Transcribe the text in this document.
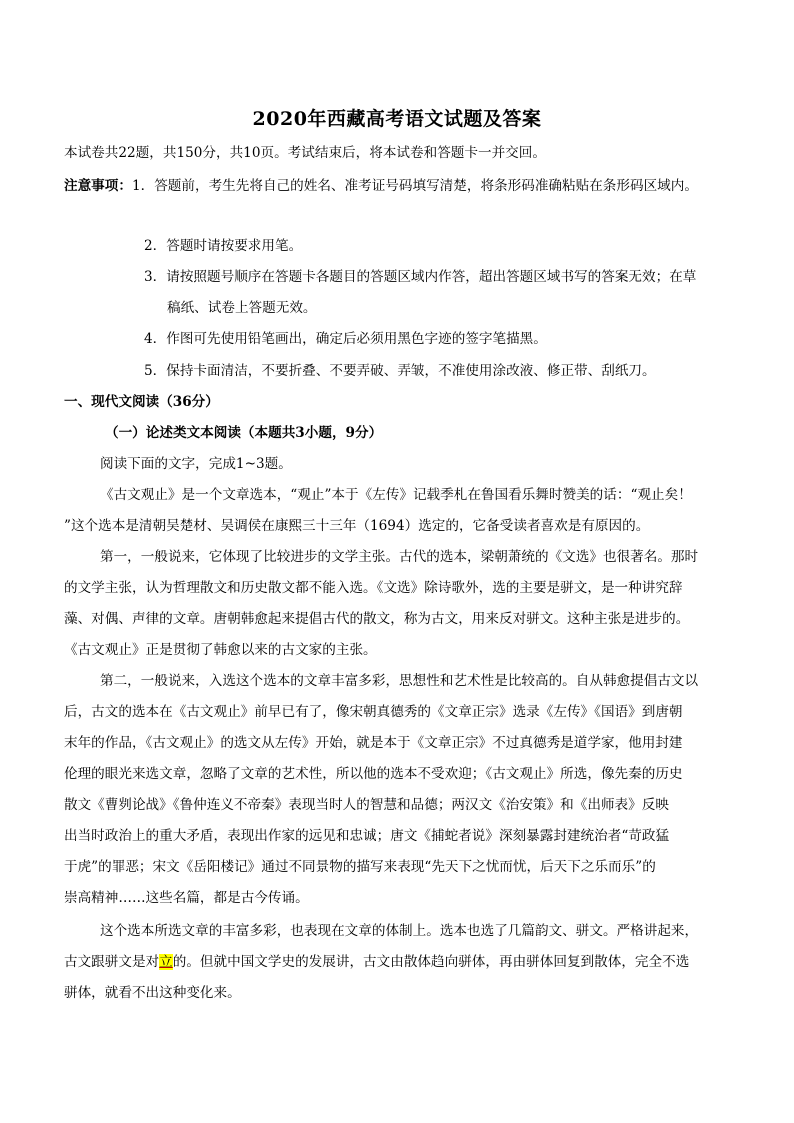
2020年西藏高考语文试题及答案
本试卷共22题，共150分，共10页。考试结束后，将本试卷和答题卡一并交回。
注意事项：1．答题前，考生先将自己的姓名、准考证号码填写清楚，将条形码准确粘贴在条形码区域内。
2．答题时请按要求用笔。
3．请按照题号顺序在答题卡各题目的答题区域内作答，超出答题区域书写的答案无效；在草
稿纸、试卷上答题无效。
4．作图可先使用铅笔画出，确定后必须用黑色字迹的签字笔描黑。
5．保持卡面清洁，不要折叠、不要弄破、弄皱，不准使用涂改液、修正带、刮纸刀。
一、现代文阅读（36分）
（一）论述类文本阅读（本题共3小题，9分）
阅读下面的文字，完成1~3题。
《古文观止》是一个文章选本，“观止”本于《左传》记载季札在鲁国看乐舞时赞美的话：“观止矣！
”这个选本是清朝吴楚材、吴调侯在康熙三十三年（1694）选定的，它备受读者喜欢是有原因的。
第一，一般说来，它体现了比较进步的文学主张。古代的选本，梁朝萧统的《文选》也很著名。那时
的文学主张，认为哲理散文和历史散文都不能入选。《文选》除诗歌外，选的主要是骈文，是一种讲究辞
藻、对偶、声律的文章。唐朝韩愈起来提倡古代的散文，称为古文，用来反对骈文。这种主张是进步的。
《古文观止》正是贯彻了韩愈以来的古文家的主张。
第二，一般说来，入选这个选本的文章丰富多彩，思想性和艺术性是比较高的。自从韩愈提倡古文以
后，古文的选本在《古文观止》前早已有了，像宋朝真德秀的《文章正宗》选录《左传》《国语》到唐朝
末年的作品，《古文观止》的选文从左传》开始，就是本于《文章正宗》不过真德秀是道学家，他用封建
伦理的眼光来选文章，忽略了文章的艺术性，所以他的选本不受欢迎；《古文观止》所选，像先秦的历史
散文《曹刿论战》《鲁仲连义不帝秦》表现当时人的智慧和品德；两汉文《治安策》和《出师表》反映
出当时政治上的重大矛盾，表现出作家的远见和忠诚；唐文《捕蛇者说》深刻暴露封建统治者“苛政猛
于虎”的罪恶；宋文《岳阳楼记》通过不同景物的描写来表现“先天下之忧而忧，后天下之乐而乐”的
崇高精神……这些名篇，都是古今传诵。
这个选本所选文章的丰富多彩，也表现在文章的体制上。选本也选了几篇韵文、骈文。严格讲起来，
古文跟骈文是对立的。但就中国文学史的发展讲，古文由散体趋向骈体，再由骈体回复到散体，完全不选
骈体，就看不出这种变化来。
